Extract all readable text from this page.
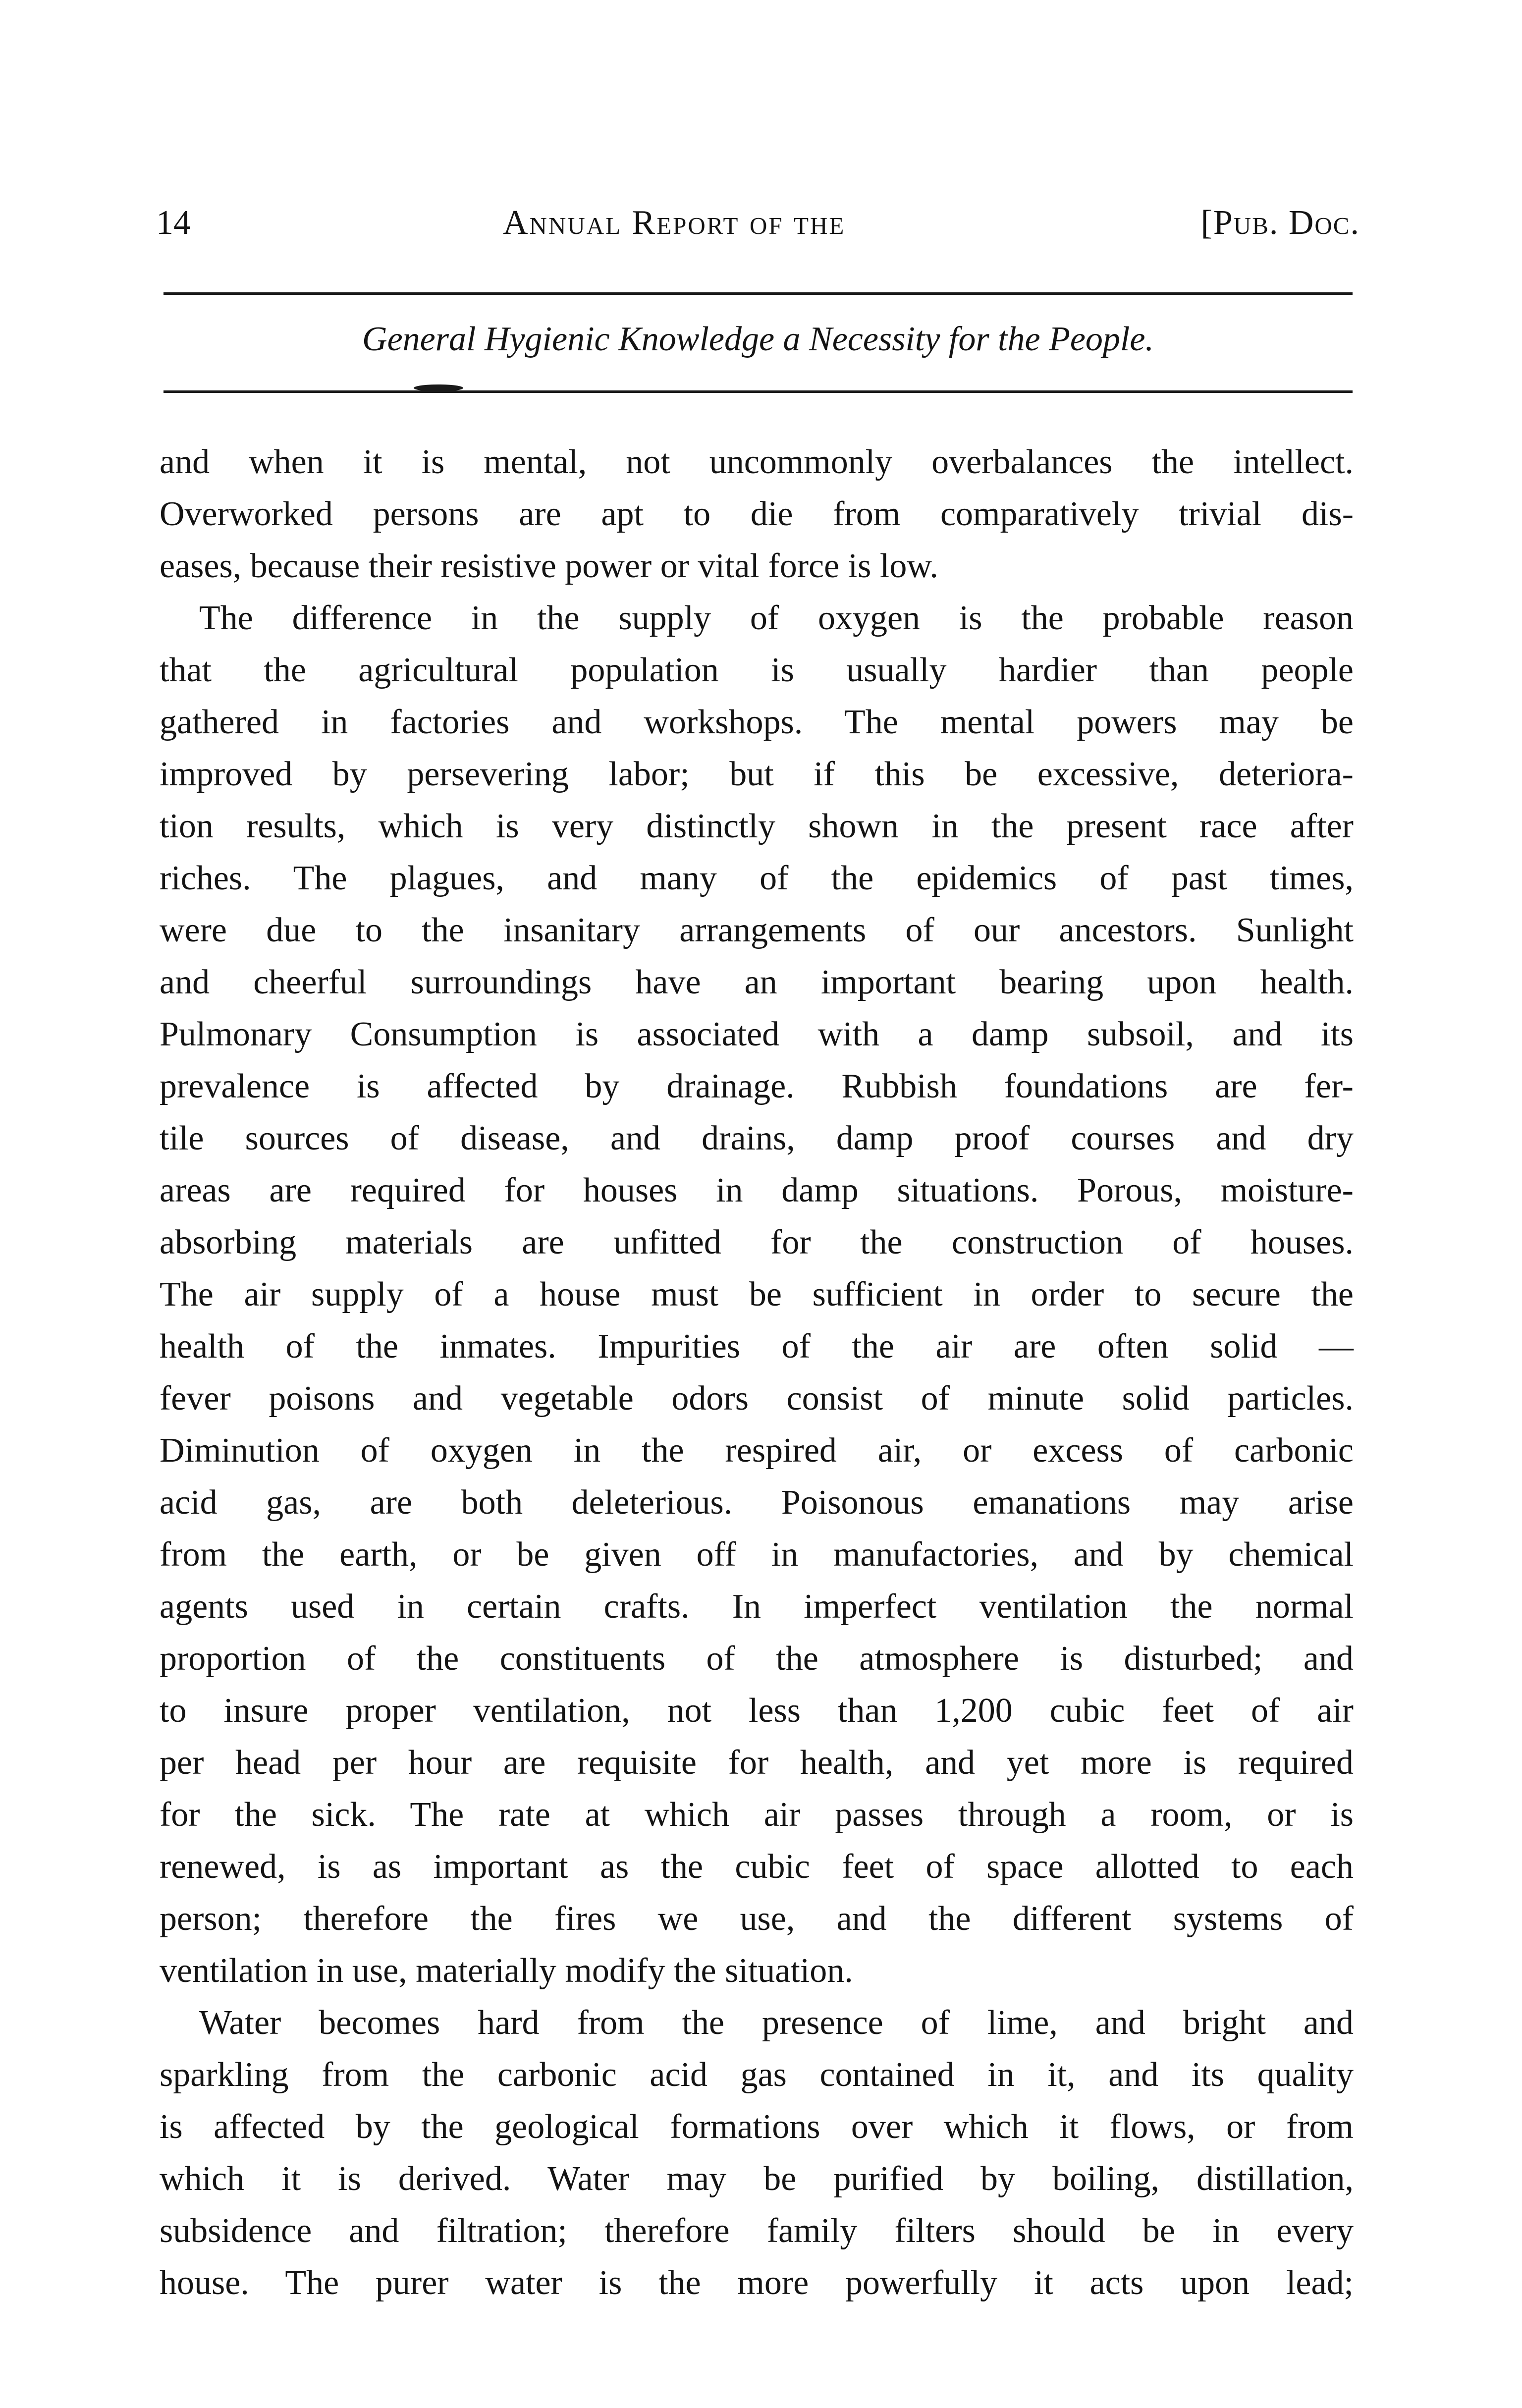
14	Annual Report of the	[Pub. Doc.
General Hygienic Knowledge a Necessity for the People.
and when it is mental, not uncommonly overbalances the intellect.
Overworked persons are apt to die from comparatively trivial dis-
eases, because their resistive power or vital force is low.
The difference in the supply of oxygen is the probable reason
that the agricultural population is usually hardier than people
gathered in factories and workshops. The mental powers may be
improved by persevering labor; but if this be excessive, deteriora-
tion results, which is very distinctly shown in the present race after
riches. The plagues, and many of the epidemics of past times,
were due to the insanitary arrangements of our ancestors. Sunlight
and cheerful surroundings have an important bearing upon health.
Pulmonary Consumption is associated with a damp subsoil, and its
prevalence is affected by drainage. Rubbish foundations are fer-
tile sources of disease, and drains, damp proof courses and dry
areas are required for houses in damp situations. Porous, moisture-
absorbing materials are unfitted for the construction of houses.
The air supply of a house must be sufficient in order to secure the
health of the inmates. Impurities of the air are often solid —
fever poisons and vegetable odors consist of minute solid particles.
Diminution of oxygen in the respired air, or excess of carbonic
acid gas, are both deleterious. Poisonous emanations may arise
from the earth, or be given off in manufactories, and by chemical
agents used in certain crafts. In imperfect ventilation the normal
proportion of the constituents of the atmosphere is disturbed; and
to insure proper ventilation, not less than 1,200 cubic feet of air
per head per hour are requisite for health, and yet more is required
for the sick. The rate at which air passes through a room, or is
renewed, is as important as the cubic feet of space allotted to each
person; therefore the fires we use, and the different systems of
ventilation in use, materially modify the situation.
Water becomes hard from the presence of lime, and bright and
sparkling from the carbonic acid gas contained in it, and its quality
is affected by the geological formations over which it flows, or from
which it is derived. Water may be purified by boiling, distillation,
subsidence and filtration; therefore family filters should be in every
house. The purer water is the more powerfully it acts upon lead;
